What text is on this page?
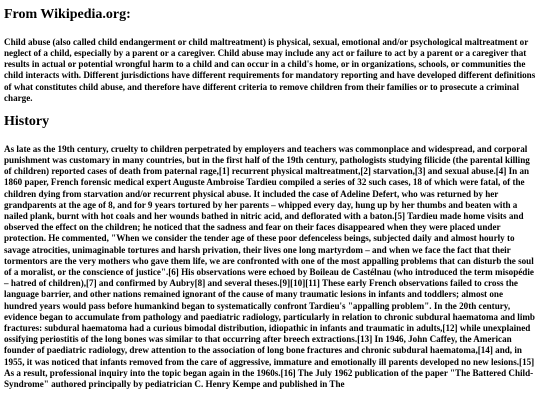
From Wikipedia.org:

Child abuse (also called child endangerment or child maltreatment) is physical, sexual, emotional and/or psychological maltreatment or neglect of a child, especially by a parent or a caregiver. Child abuse may include any act or failure to act by a parent or a caregiver that results in actual or potential wrongful harm to a child and can occur in a child's home, or in organizations, schools, or communities the child interacts with. Different jurisdictions have different requirements for mandatory reporting and have developed different definitions of what constitutes child abuse, and therefore have different criteria to remove children from their families or to prosecute a criminal charge.

History

As late as the 19th century, cruelty to children perpetrated by employers and teachers was commonplace and widespread, and corporal punishment was customary in many countries, but in the first half of the 19th century, pathologists studying filicide (the parental killing of children) reported cases of death from paternal rage,[1] recurrent physical maltreatment,[2] starvation,[3] and sexual abuse.[4] In an 1860 paper, French forensic medical expert Auguste Ambroise Tardieu compiled a series of 32 such cases, 18 of which were fatal, of the children dying from starvation and/or recurrent physical abuse. It included the case of Adeline Defert, who was returned by her grandparents at the age of 8, and for 9 years tortured by her parents – whipped every day, hung up by her thumbs and beaten with a nailed plank, burnt with hot coals and her wounds bathed in nitric acid, and deflorated with a baton.[5] Tardieu made home visits and observed the effect on the children; he noticed that the sadness and fear on their faces disappeared when they were placed under protection. He commented, "When we consider the tender age of these poor defenceless beings, subjected daily and almost hourly to savage atrocities, unimaginable tortures and harsh privation, their lives one long martyrdom – and when we face the fact that their tormentors are the very mothers who gave them life, we are confronted with one of the most appalling problems that can disturb the soul of a moralist, or the conscience of justice".[6] His observations were echoed by Boileau de Castélnau (who introduced the term misopédie – hatred of children),[7] and confirmed by Aubry[8] and several theses.[9][10][11] These early French observations failed to cross the language barrier, and other nations remained ignorant of the cause of many traumatic lesions in infants and toddlers; almost one hundred years would pass before humankind began to systematically confront Tardieu's "appalling problem". In the 20th century, evidence began to accumulate from pathology and paediatric radiology, particularly in relation to chronic subdural haematoma and limb fractures: subdural haematoma had a curious bimodal distribution, idiopathic in infants and traumatic in adults,[12] while unexplained ossifying periostitis of the long bones was similar to that occurring after breech extractions.[13] In 1946, John Caffey, the American founder of paediatric radiology, drew attention to the association of long bone fractures and chronic subdural haematoma,[14] and, in 1955, it was noticed that infants removed from the care of aggressive, immature and emotionally ill parents developed no new lesions.[15] As a result, professional inquiry into the topic began again in the 1960s.[16] The July 1962 publication of the paper "The Battered Child-Syndrome" authored principally by pediatrician C. Henry Kempe and published in The
